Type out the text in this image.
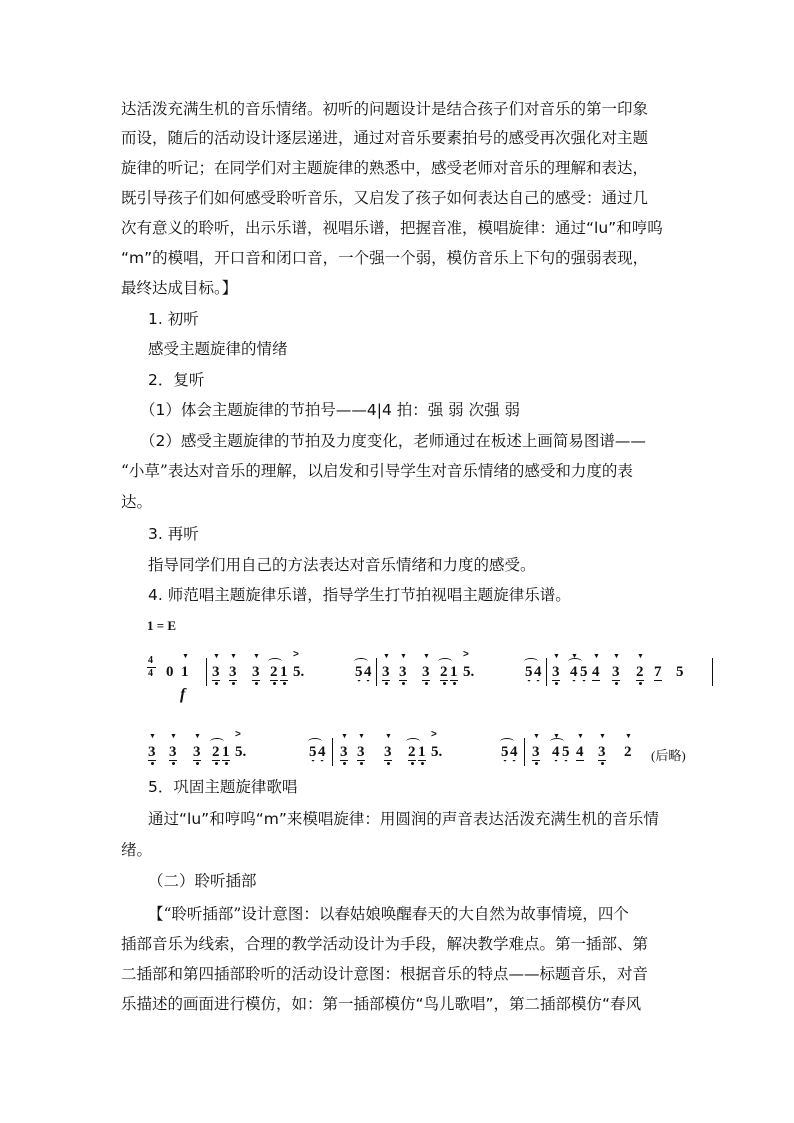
达活泼充满生机的音乐情绪。初听的问题设计是结合孩子们对音乐的第一印象
而设，随后的活动设计逐层递进，通过对音乐要素拍号的感受再次强化对主题
旋律的听记；在同学们对主题旋律的熟悉中，感受老师对音乐的理解和表达，
既引导孩子们如何感受聆听音乐，又启发了孩子如何表达自己的感受：通过几
次有意义的聆听，出示乐谱，视唱乐谱，把握音准，模唱旋律：通过“lu”和哼呜
“m”的模唱，开口音和闭口音，一个强一个弱，模仿音乐上下句的强弱表现，
最终达成目标。】
1. 初听
感受主题旋律的情绪
2．复听
（1）体会主题旋律的节拍号——4|4 拍：强 弱 次强 弱
（2）感受主题旋律的节拍及力度变化，老师通过在板述上画简易图谱——
“小草”表达对音乐的理解，以启发和引导学生对音乐情绪的感受和力度的表
达。
3. 再听
指导同学们用自己的方法表达对音乐情绪和力度的感受。
4. 师范唱主题旋律乐谱，指导学生打节拍视唱主题旋律乐谱。
1 = E
4
4 0 ▼ 1
f
▼ 3 ▼ 3 ▼ 3 2 1
>
5.	5 4 ▼ 3 ▼ 3 ▼ 3 2 1
>
5.	5 4 ▼ 3 ▼ 4 5 ▼ 4 ▼ 3 ▼ 2 7 5
▼ 3 ▼ 3 ▼ 3 2 1
>
5.	5 4 ▼ 3 ▼ 3 ▼ 3 2 1
>
5.	5 4 ▼ 3 ▼ 4 5 ▼ 4 ▼ 3 ▼ 2 (后略)
5．巩固主题旋律歌唱
通过“lu”和哼呜“m”来模唱旋律：用圆润的声音表达活泼充满生机的音乐情
绪。
（二）聆听插部
【“聆听插部”设计意图：以春姑娘唤醒春天的大自然为故事情境，四个
插部音乐为线索，合理的教学活动设计为手段，解决教学难点。第一插部、第
二插部和第四插部聆听的活动设计意图：根据音乐的特点——标题音乐，对音
乐描述的画面进行模仿，如：第一插部模仿“鸟儿歌唱”，第二插部模仿“春风
